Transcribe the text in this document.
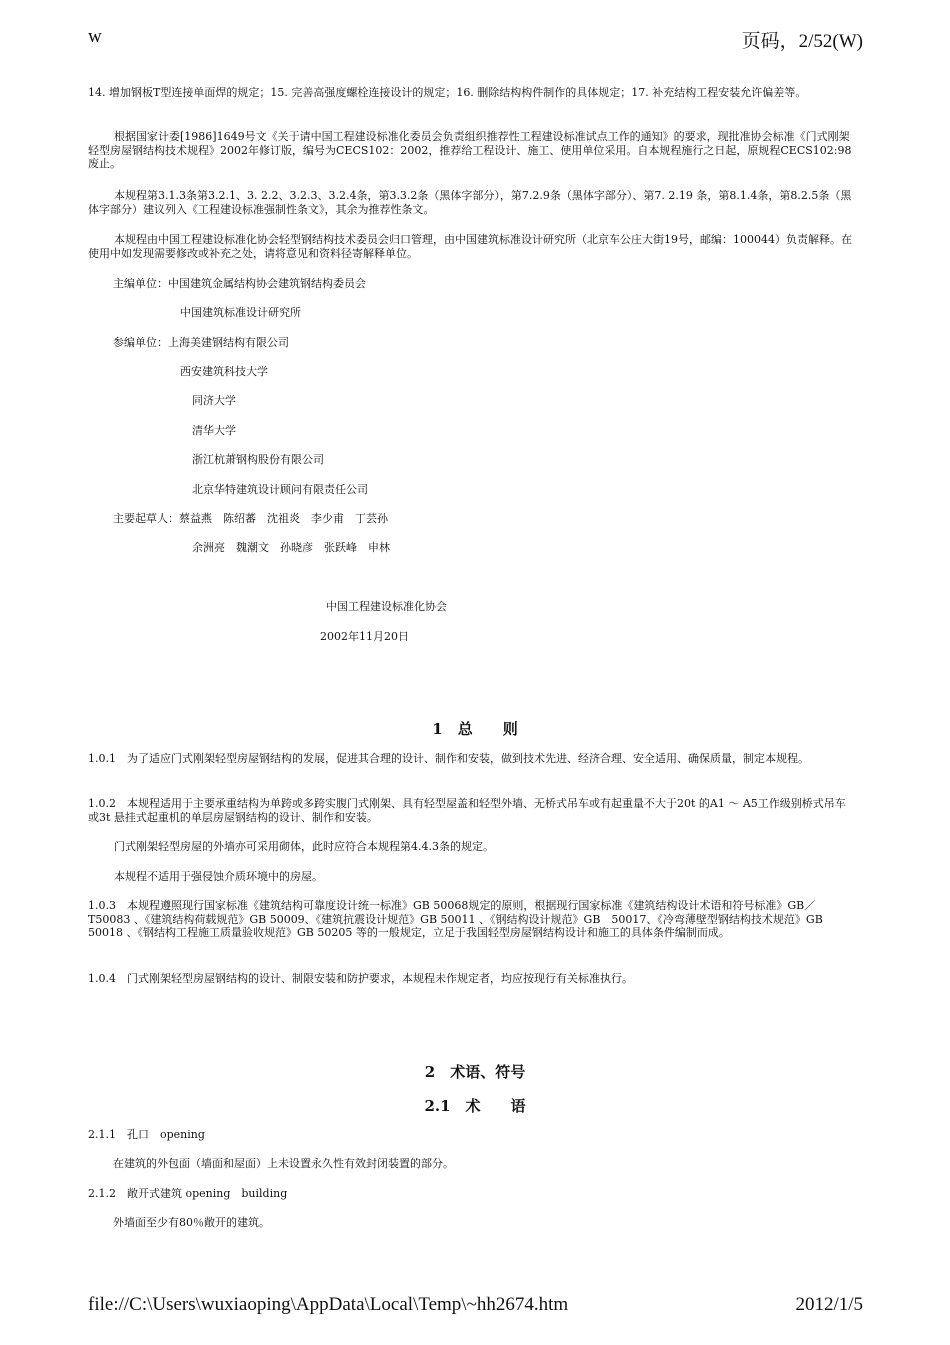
w	页码，2/52(W)
14. 增加钢板T型连接单面焊的规定；15. 完善高强度螺栓连接设计的规定；16. 删除结构构件制作的具体规定；17. 补充结构工程安装允许偏差等。
根据国家计委[1986]1649号文《关于请中国工程建设标准化委员会负责组织推荐性工程建设标准试点工作的通知》的要求，现批准协会标准《门式刚架轻型房屋钢结构技术规程》2002年修订版，编号为CECS102：2002，推荐给工程设计、施工、使用单位采用。自本规程施行之日起，原规程CECS102:98废止。
本规程第3.1.3条第3.2.1、3. 2.2、3.2.3、3.2.4条，第3.3.2条（黑体字部分），第7.2.9条（黑体字部分）、第7. 2.19 条，第8.1.4条，第8.2.5条（黑体字部分）建议列入《工程建设标准强制性条文》，其余为推荐性条文。
本规程由中国工程建设标准化协会轻型钢结构技术委员会归口管理，由中国建筑标准设计研究所（北京车公庄大街19号，邮编：100044）负责解释。在使用中如发现需要修改或补充之处，请将意见和资料径寄解释单位。
主编单位：中国建筑金属结构协会建筑钢结构委员会
中国建筑标准设计研究所
参编单位：上海美建钢结构有限公司
西安建筑科技大学
同济大学
清华大学
浙江杭萧钢构股份有限公司
北京华特建筑设计顾问有限责任公司
主要起草人：蔡益燕　陈绍蕃　沈祖炎　李少甫　丁芸孙
余洲亮　魏潮文　孙晓彦　张跃峰　申林
中国工程建设标准化协会
2002年11月20日
1　总　　则
1.0.1　为了适应门式刚架轻型房屋钢结构的发展，促进其合理的设计、制作和安装，做到技术先进、经济合理、安全适用、确保质量，制定本规程。
1.0.2　本规程适用于主要承重结构为单跨或多跨实腹门式刚架、具有轻型屋盖和轻型外墙、无桥式吊车或有起重量不大于20t 的A1 ～ A5工作级别桥式吊车或3t 悬挂式起重机的单层房屋钢结构的设计、制作和安装。
门式刚架轻型房屋的外墙亦可采用砌体，此时应符合本规程第4.4.3条的规定。
本规程不适用于强侵蚀介质环境中的房屋。
1.0.3　本规程遵照现行国家标准《建筑结构可靠度设计统一标准》GB 50068规定的原则，根据现行国家标准《建筑结构设计术语和符号标准》GB／T50083 、《建筑结构荷载规范》GB 50009、《建筑抗震设计规范》GB 50011 、《钢结构设计规范》GB　50017、《冷弯薄壁型钢结构技术规范》GB 50018 、《钢结构工程施工质量验收规范》GB 50205 等的一般规定，立足于我国轻型房屋钢结构设计和施工的具体条件编制而成。
1.0.4　门式刚架轻型房屋钢结构的设计、制限安装和防护要求，本规程未作规定者，均应按现行有关标准执行。
2　术语、符号
2.1　术　　语
2.1.1　孔口　opening
在建筑的外包面（墙面和屋面）上未设置永久性有效封闭装置的部分。
2.1.2　敞开式建筑 opening　building
外墙面至少有80％敞开的建筑。
file://C:\Users\wuxiaoping\AppData\Local\Temp\~hh2674.htm	2012/1/5
